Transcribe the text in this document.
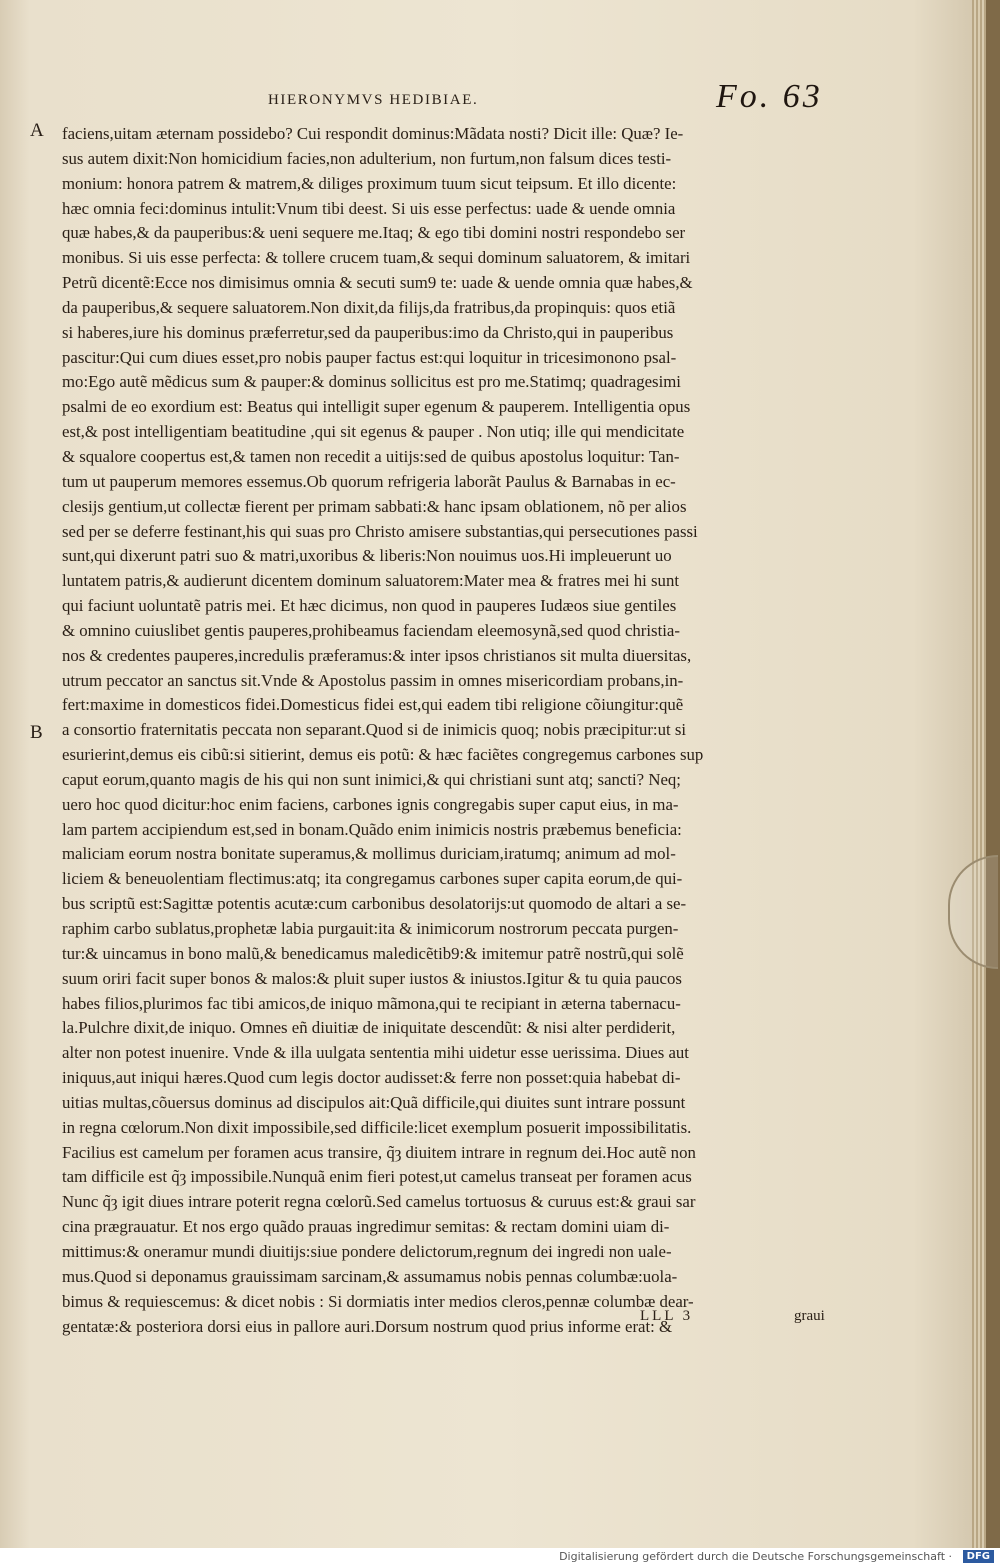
HIERONYMVS HEDIBIAE.	Fo. 63
A
B
faciens,uitam æternam possidebo? Cui respondit dominus:Mãdata nosti? Dicit ille: Quæ? Ie-
sus autem dixit:Non homicidium facies,non adulterium, non furtum,non falsum dices testi-
monium: honora patrem & matrem,& diliges proximum tuum sicut teipsum. Et illo dicente:
hæc omnia feci:dominus intulit:Vnum tibi deest. Si uis esse perfectus: uade & uende omnia
quæ habes,& da pauperibus:& ueni sequere me.Itaq; & ego tibi domini nostri respondebo ser
monibus. Si uis esse perfecta: & tollere crucem tuam,& sequi dominum saluatorem, & imitari
Petrũ dicentẽ:Ecce nos dimisimus omnia & secuti sum9 te: uade & uende omnia quæ habes,&
da pauperibus,& sequere saluatorem.Non dixit,da filijs,da fratribus,da propinquis: quos etiã
si haberes,iure his dominus præferretur,sed da pauperibus:imo da Christo,qui in pauperibus
pascitur:Qui cum diues esset,pro nobis pauper factus est:qui loquitur in tricesimonono psal-
mo:Ego autẽ mẽdicus sum & pauper:& dominus sollicitus est pro me.Statimq; quadragesimi
psalmi de eo exordium est: Beatus qui intelligit super egenum & pauperem. Intelligentia opus
est,& post intelligentiam beatitudine ,qui sit egenus & pauper . Non utiq; ille qui mendicitate
& squalore coopertus est,& tamen non recedit a uitijs:sed de quibus apostolus loquitur: Tan-
tum ut pauperum memores essemus.Ob quorum refrigeria laborãt Paulus & Barnabas in ec-
clesijs gentium,ut collectæ fierent per primam sabbati:& hanc ipsam oblationem, nõ per alios
sed per se deferre festinant,his qui suas pro Christo amisere substantias,qui persecutiones passi
sunt,qui dixerunt patri suo & matri,uxoribus & liberis:Non nouimus uos.Hi impleuerunt uo
luntatem patris,& audierunt dicentem dominum saluatorem:Mater mea & fratres mei hi sunt
qui faciunt uoluntatẽ patris mei. Et hæc dicimus, non quod in pauperes Iudæos siue gentiles
& omnino cuiuslibet gentis pauperes,prohibeamus faciendam eleemosynã,sed quod christia-
nos & credentes pauperes,incredulis præferamus:& inter ipsos christianos sit multa diuersitas,
utrum peccator an sanctus sit.Vnde & Apostolus passim in omnes misericordiam probans,in-
fert:maxime in domesticos fidei.Domesticus fidei est,qui eadem tibi religione cõiungitur:quẽ
a consortio fraternitatis peccata non separant.Quod si de inimicis quoq; nobis præcipitur:ut si
esurierint,demus eis cibũ:si sitierint, demus eis potũ: & hæc faciẽtes congregemus carbones sup
caput eorum,quanto magis de his qui non sunt inimici,& qui christiani sunt atq; sancti? Neq;
uero hoc quod dicitur:hoc enim faciens, carbones ignis congregabis super caput eius, in ma-
lam partem accipiendum est,sed in bonam.Quãdo enim inimicis nostris præbemus beneficia:
maliciam eorum nostra bonitate superamus,& mollimus duriciam,iratumq; animum ad mol-
liciem & beneuolentiam flectimus:atq; ita congregamus carbones super capita eorum,de qui-
bus scriptũ est:Sagittæ potentis acutæ:cum carbonibus desolatorijs:ut quomodo de altari a se-
raphim carbo sublatus,prophetæ labia purgauit:ita & inimicorum nostrorum peccata purgen-
tur:& uincamus in bono malũ,& benedicamus maledicẽtib9:& imitemur patrẽ nostrũ,qui solẽ
suum oriri facit super bonos & malos:& pluit super iustos & iniustos.Igitur & tu quia paucos
habes filios,plurimos fac tibi amicos,de iniquo mãmona,qui te recipiant in æterna tabernacu-
la.Pulchre dixit,de iniquo. Omnes eñ diuitiæ de iniquitate descendũt: & nisi alter perdiderit,
alter non potest inuenire. Vnde & illa uulgata sententia mihi uidetur esse uerissima. Diues aut
iniquus,aut iniqui hæres.Quod cum legis doctor audisset:& ferre non posset:quia habebat di-
uitias multas,cõuersus dominus ad discipulos ait:Quã difficile,qui diuites sunt intrare possunt
in regna cœlorum.Non dixit impossibile,sed difficile:licet exemplum posuerit impossibilitatis.
Facilius est camelum per foramen acus transire, q̃ȝ diuitem intrare in regnum dei.Hoc autẽ non
tam difficile est q̃ȝ impossibile.Nunquã enim fieri potest,ut camelus transeat per foramen acus
Nunc q̃ȝ igit diues intrare poterit regna cœlorũ.Sed camelus tortuosus & curuus est:& graui sar
cina prægrauatur. Et nos ergo quãdo prauas ingredimur semitas: & rectam domini uiam di-
mittimus:& oneramur mundi diuitijs:siue pondere delictorum,regnum dei ingredi non uale-
mus.Quod si deponamus grauissimam sarcinam,& assumamus nobis pennas columbæ:uola-
bimus & requiescemus: & dicet nobis : Si dormiatis inter medios cleros,pennæ columbæ dear-
gentatæ:& posteriora dorsi eius in pallore auri.Dorsum nostrum quod prius informe erat: &
LLL 3	graui
Digitalisierung gefördert durch die Deutsche Forschungsgemeinschaft ·	DFG
